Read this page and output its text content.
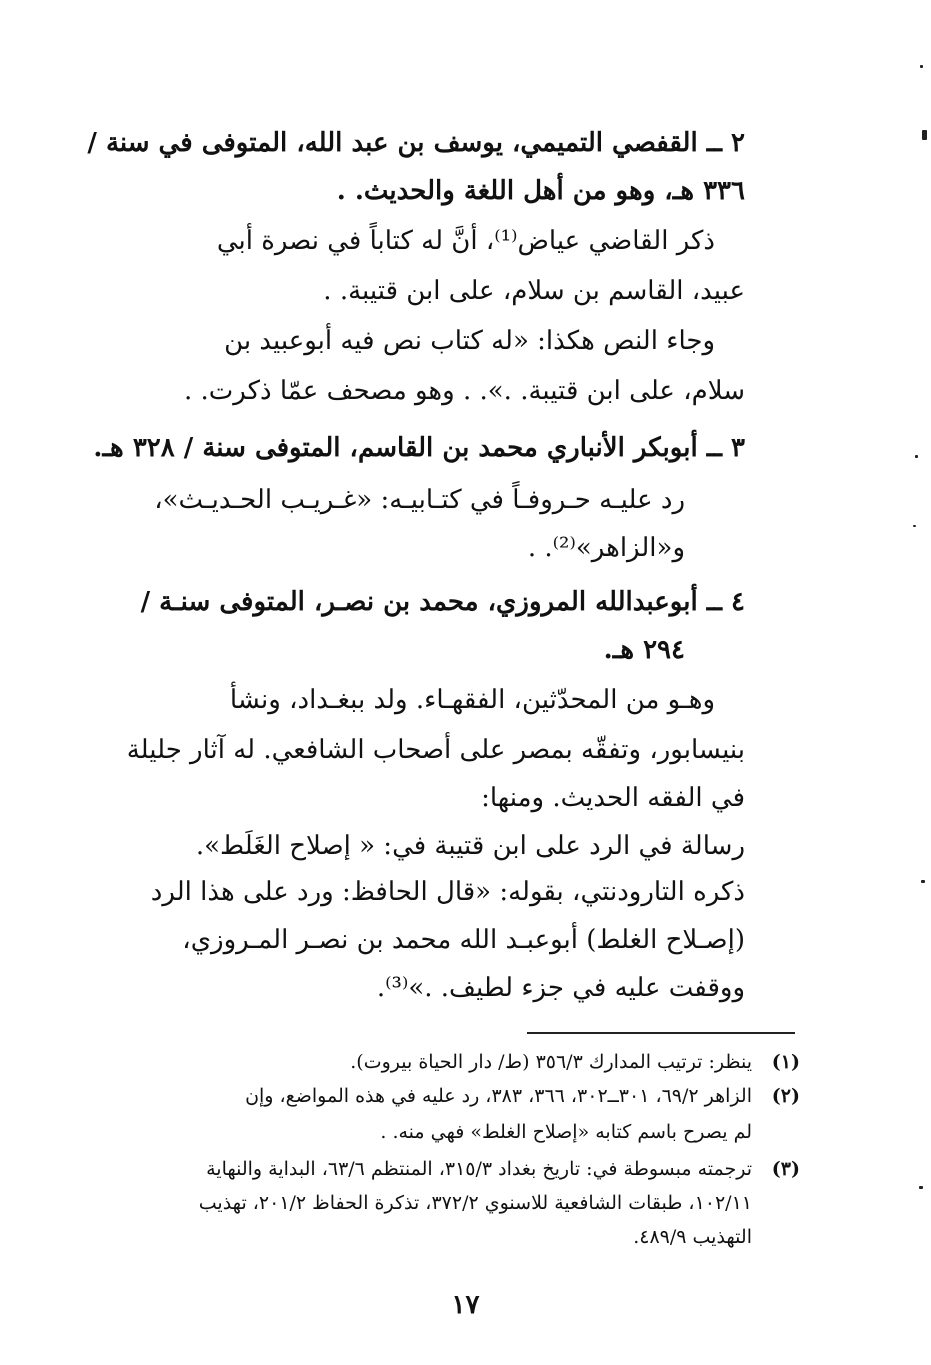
٢ ــ القفصي التميمي، يوسف بن عبد الله، المتوفى في سنة /
٣٣٦ هـ، وهو من أهل اللغة والحديث. .
ذكر القاضي عياض⁽¹⁾، أنَّ له كتاباً في نصرة أبي
عبيد، القاسم بن سلام، على ابن قتيبة. .
وجاء النص هكذا: «له كتاب نص فيه أبوعبيد بن
سلام، على ابن قتيبة. .». . وهو مصحف عمّا ذكرت. .
٣ ــ أبوبكر الأنباري محمد بن القاسم، المتوفى سنة / ٣٢٨ هـ.
رد عليـه حـروفـاً في كتـابيـه: «غـريـب الحـديـث»،
و«الزاهر»⁽²⁾. .
٤ ــ أبوعبدالله المروزي، محمد بن نصـر، المتوفى سنـة /
٢٩٤ هـ.
وهـو من المحدّثين، الفقهـاء. ولد ببغـداد، ونشأ
بنيسابور، وتفقّه بمصر على أصحاب الشافعي. له آثار جليلة
في الفقه الحديث. ومنها:
رسالة في الرد على ابن قتيبة في: « إصلاح الغَلَط».
ذكره التارودنتي، بقوله: «قال الحافظ: ورد على هذا الرد
(إصـلاح الغلط) أبوعبـد الله محمد بن نصـر المـروزي،
ووقفت عليه في جزء لطيف. .»⁽³⁾.
(١)
ينظر: ترتيب المدارك ٣٥٦/٣ (ط/ دار الحياة بيروت).
(٢)
الزاهر ٦٩/٢، ٣٠١ــ٣٠٢، ٣٦٦، ٣٨٣، رد عليه في هذه المواضع، وإن
لم يصرح باسم كتابه «إصلاح الغلط» فهي منه. .
(٣)
ترجمته مبسوطة في: تاريخ بغداد ٣١٥/٣، المنتظم ٦٣/٦، البداية والنهاية
١٠٢/١١، طبقات الشافعية للاسنوي ٣٧٢/٢، تذكرة الحفاظ ٢٠١/٢، تهذيب
التهذيب ٤٨٩/٩.
١٧
